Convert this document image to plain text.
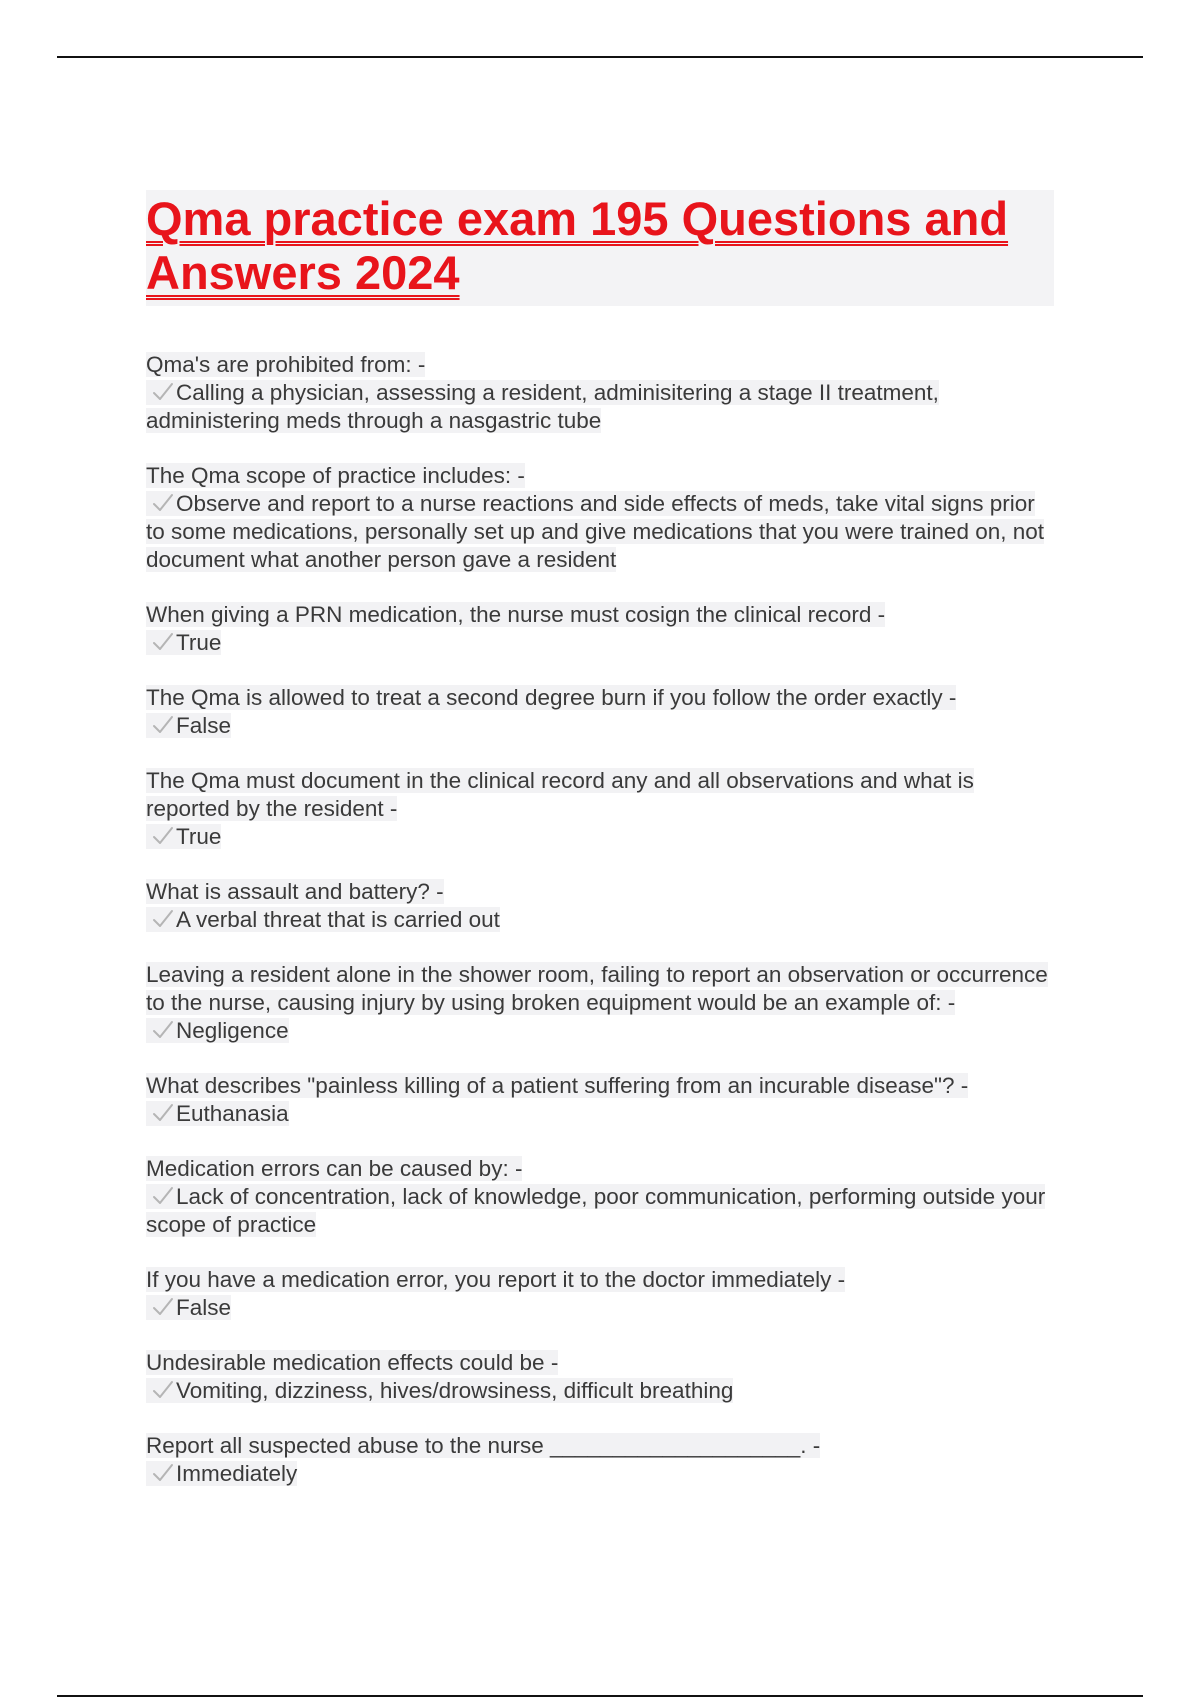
Qma practice exam 195 Questions and Answers 2024
Qma's are prohibited from: -
Calling a physician, assessing a resident, adminisitering a stage II treatment, administering meds through a nasgastric tube
The Qma scope of practice includes: -
Observe and report to a nurse reactions and side effects of meds, take vital signs prior to some medications, personally set up and give medications that you were trained on, not document what another person gave a resident
When giving a PRN medication, the nurse must cosign the clinical record -
True
The Qma is allowed to treat a second degree burn if you follow the order exactly -
False
The Qma must document in the clinical record any and all observations and what is reported by the resident -
True
What is assault and battery? -
A verbal threat that is carried out
Leaving a resident alone in the shower room, failing to report an observation or occurrence to the nurse, causing injury by using broken equipment would be an example of: -
Negligence
What describes "painless killing of a patient suffering from an incurable disease"? -
Euthanasia
Medication errors can be caused by: -
Lack of concentration, lack of knowledge, poor communication, performing outside your scope of practice
If you have a medication error, you report it to the doctor immediately -
False
Undesirable medication effects could be -
Vomiting, dizziness, hives/drowsiness, difficult breathing
Report all suspected abuse to the nurse ____________________. -
Immediately
